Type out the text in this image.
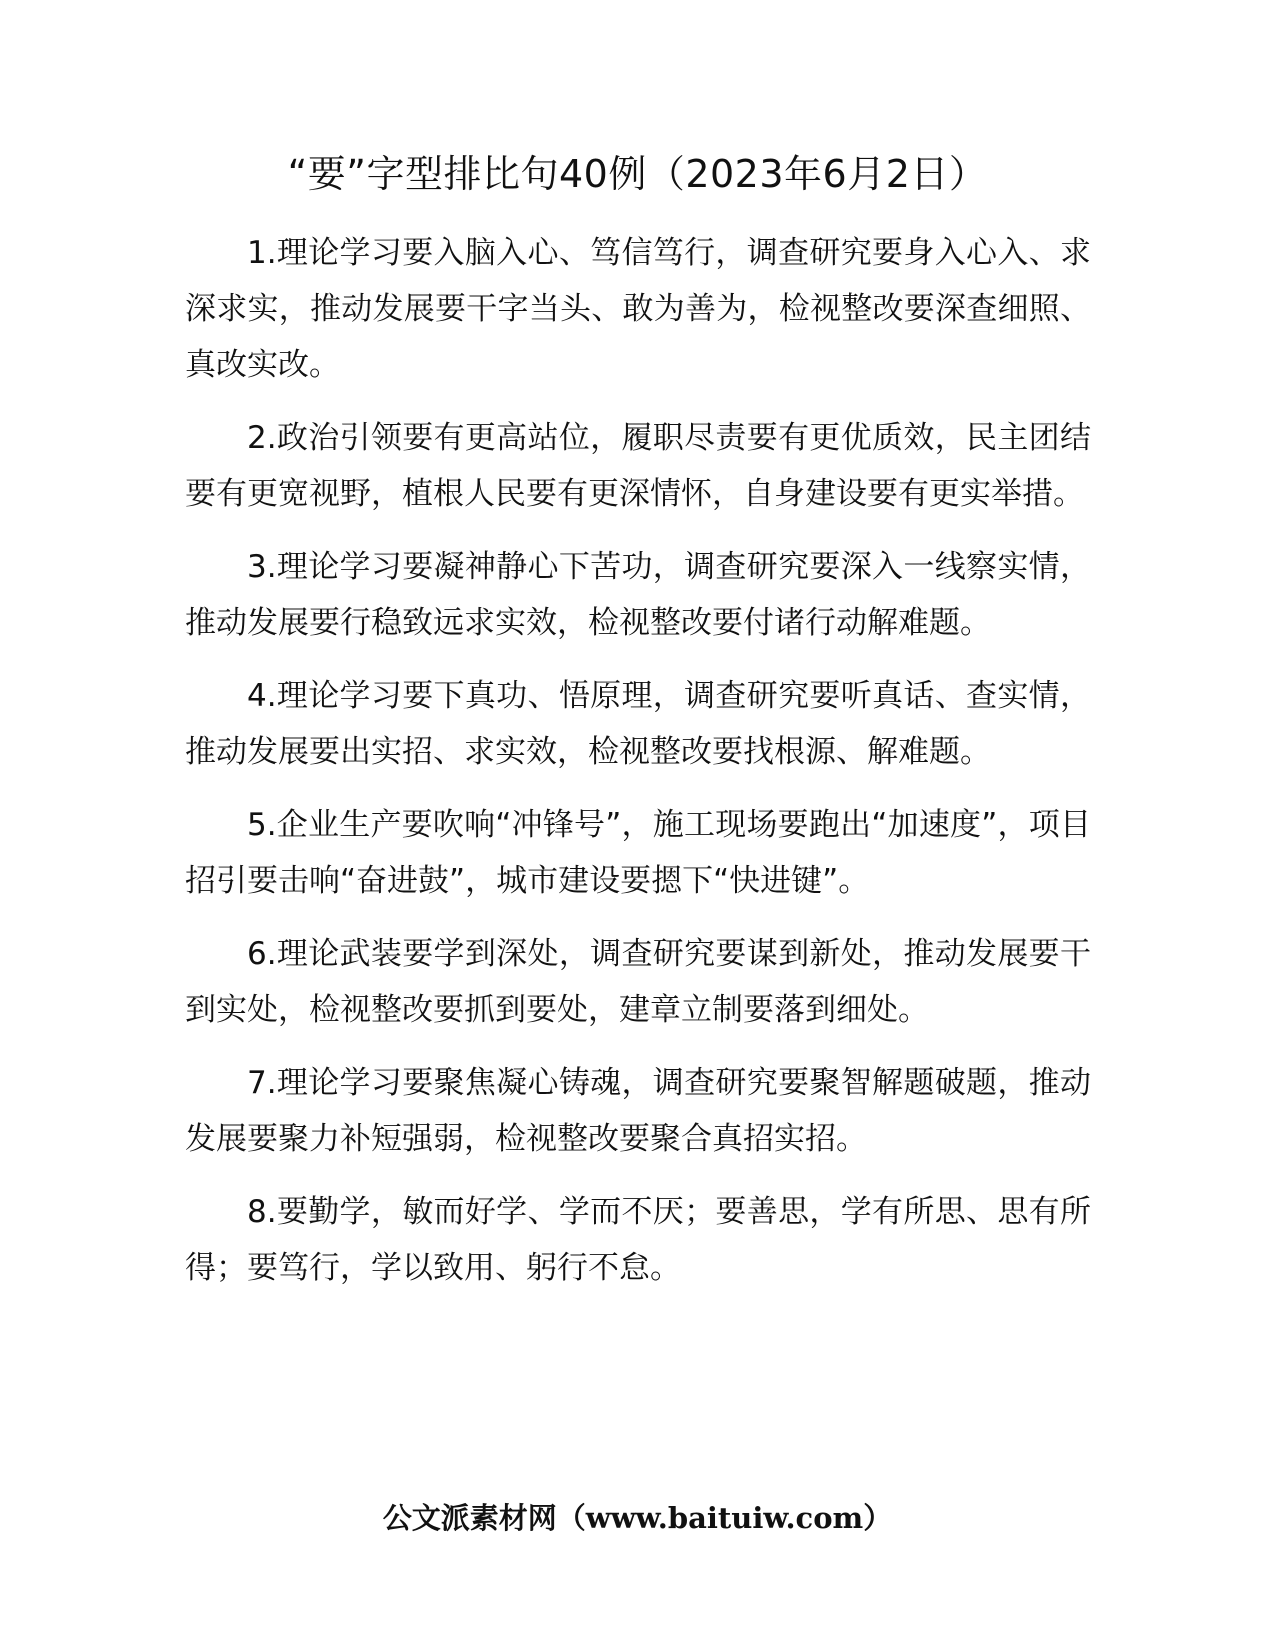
“要”字型排比句40例（2023年6月2日）

1.理论学习要入脑入心、笃信笃行，调查研究要身入心入、求深求实，推动发展要干字当头、敢为善为，检视整改要深查细照、真改实改。

2.政治引领要有更高站位，履职尽责要有更优质效，民主团结要有更宽视野，植根人民要有更深情怀，自身建设要有更实举措。

3.理论学习要凝神静心下苦功，调查研究要深入一线察实情，推动发展要行稳致远求实效，检视整改要付诸行动解难题。

4.理论学习要下真功、悟原理，调查研究要听真话、查实情，推动发展要出实招、求实效，检视整改要找根源、解难题。

5.企业生产要吹响“冲锋号”，施工现场要跑出“加速度”，项目招引要击响“奋进鼓”，城市建设要摁下“快进键”。

6.理论武装要学到深处，调查研究要谋到新处，推动发展要干到实处，检视整改要抓到要处，建章立制要落到细处。

7.理论学习要聚焦凝心铸魂，调查研究要聚智解题破题，推动发展要聚力补短强弱，检视整改要聚合真招实招。

8.要勤学，敏而好学、学而不厌；要善思，学有所思、思有所得；要笃行，学以致用、躬行不怠。

公文派素材网（www.baituiw.com）
